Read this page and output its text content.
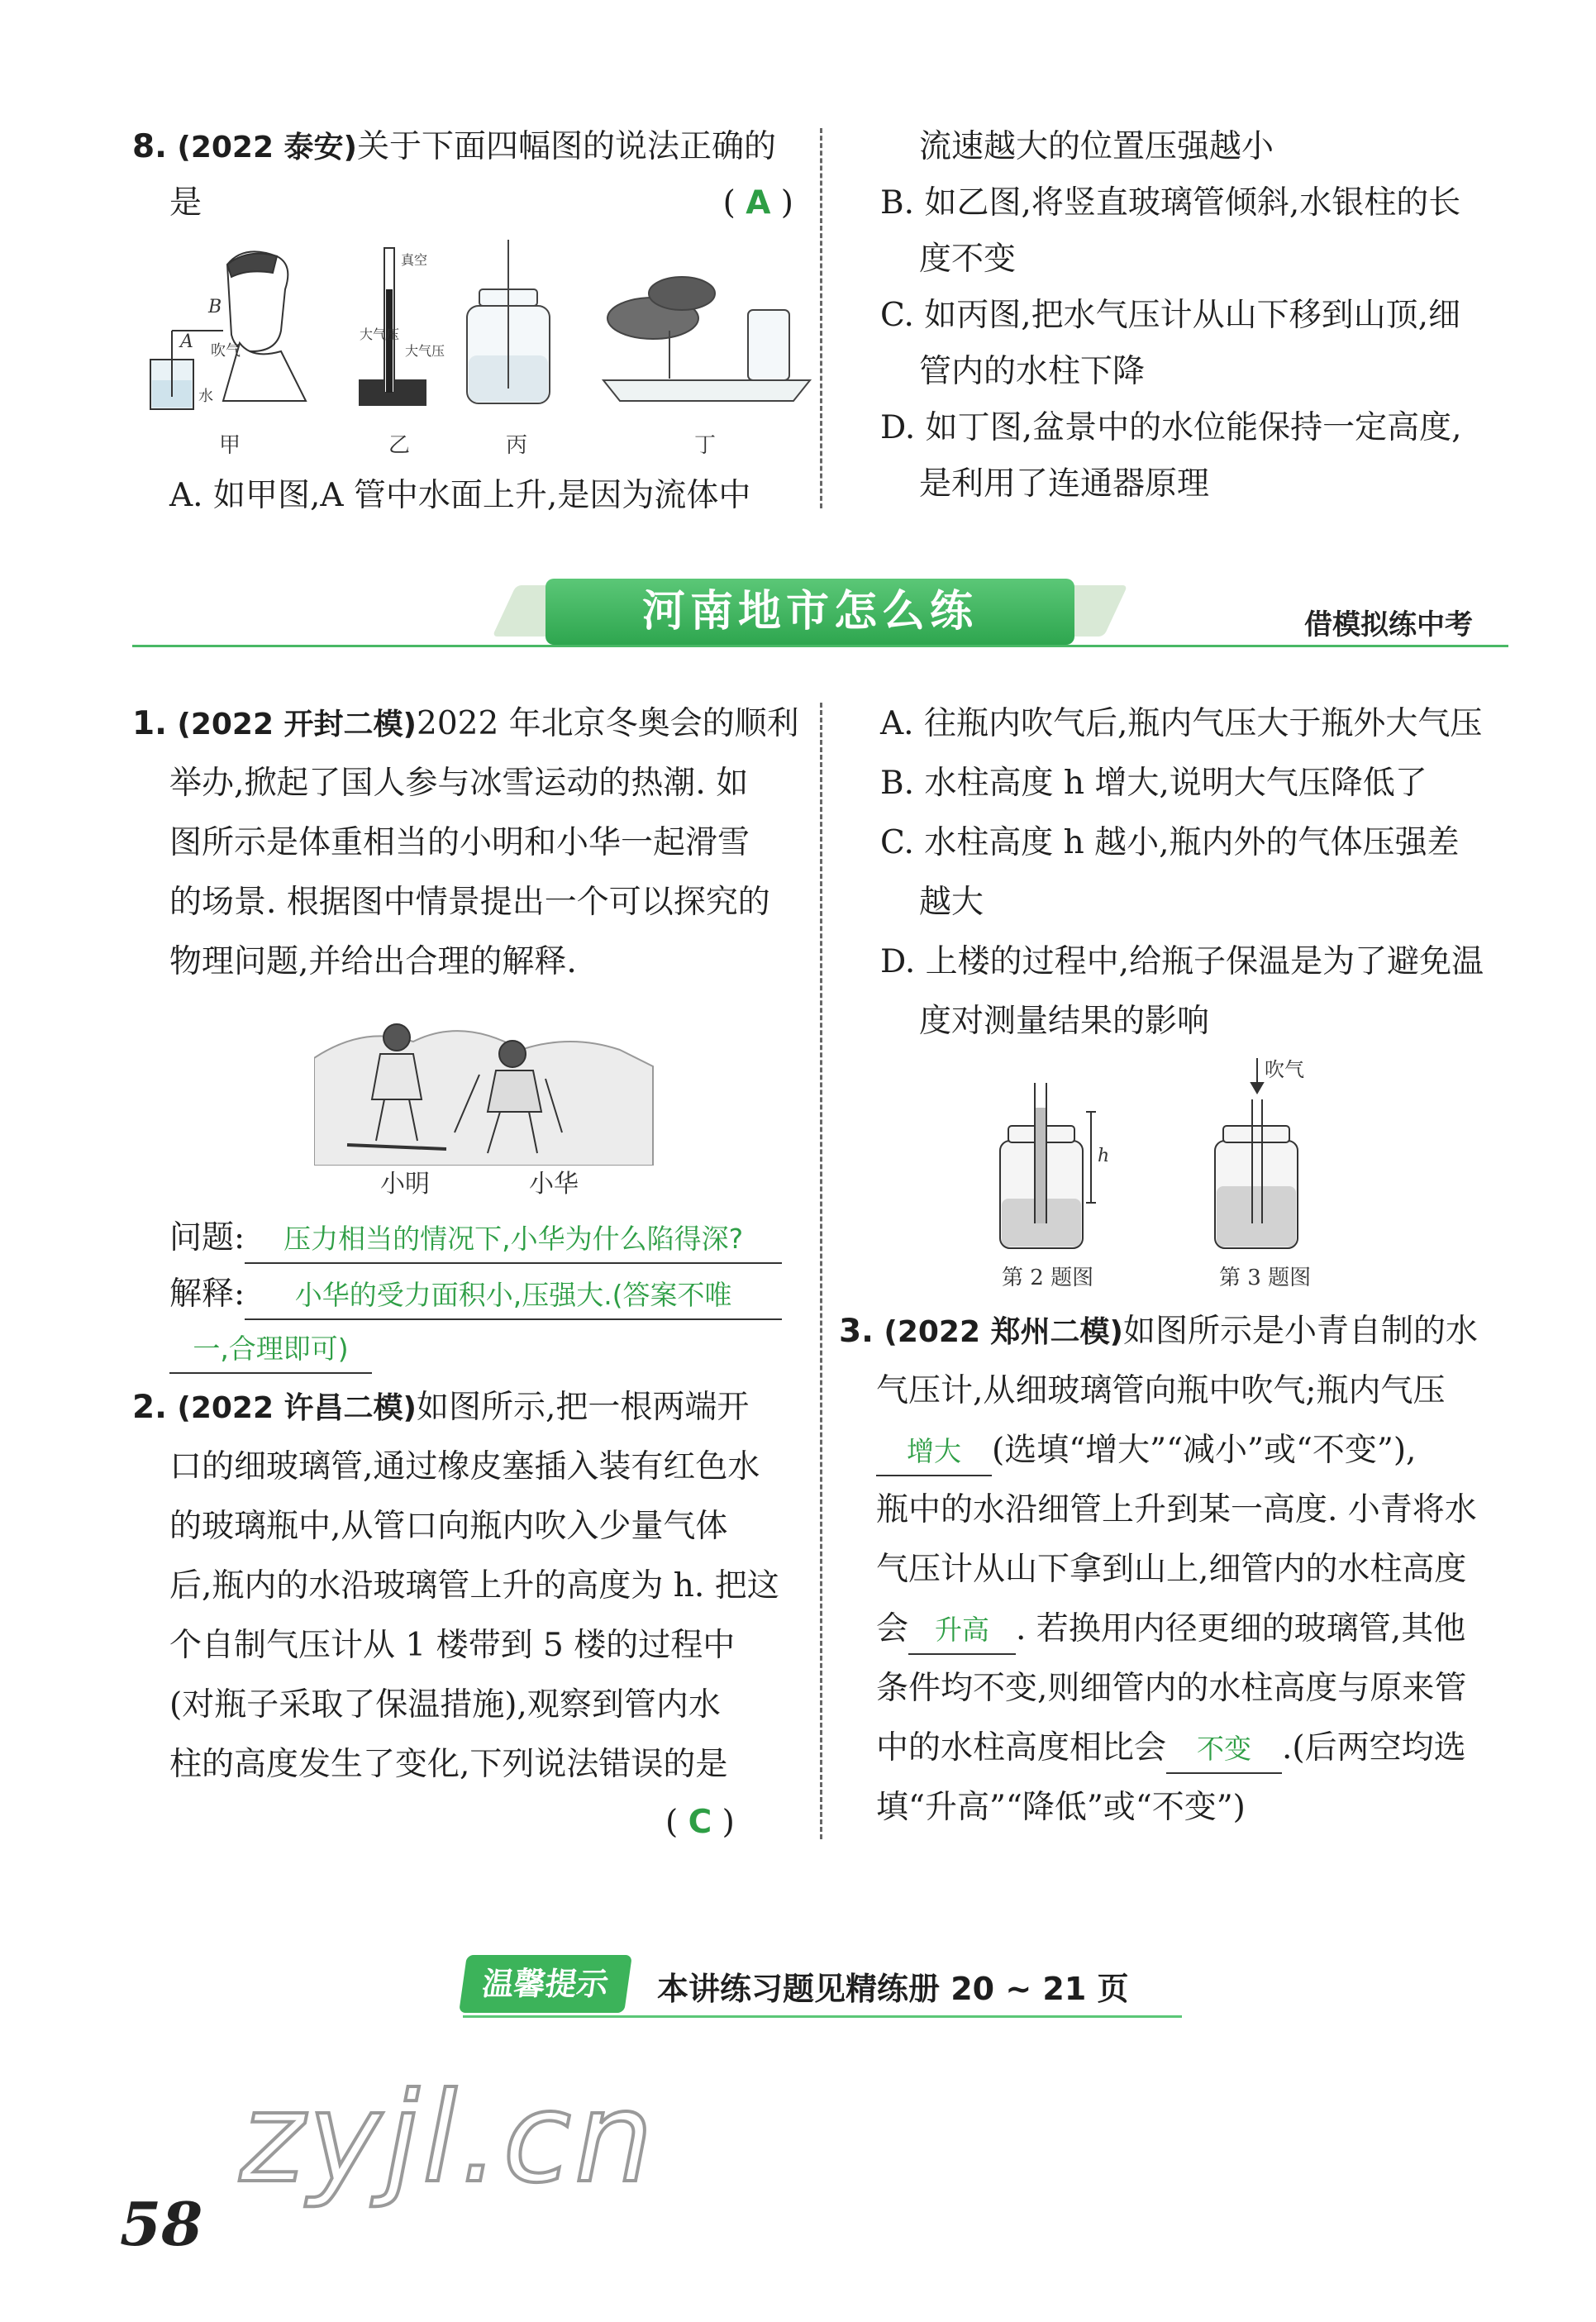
8. (2022 泰安)关于下面四幅图的说法正确的
是	( A )
B
A 吹气
水
真空
大气压
大气压
甲	乙	丙	丁
A. 如甲图,A 管中水面上升,是因为流体中
流速越大的位置压强越小
B. 如乙图,将竖直玻璃管倾斜,水银柱的长
度不变
C. 如丙图,把水气压计从山下移到山顶,细
管内的水柱下降
D. 如丁图,盆景中的水位能保持一定高度,
是利用了连通器原理
河南地市怎么练	借模拟练中考
1. (2022 开封二模)2022 年北京冬奥会的顺利
举办,掀起了国人参与冰雪运动的热潮. 如
图所示是体重相当的小明和小华一起滑雪
的场景. 根据图中情景提出一个可以探究的
物理问题,并给出合理的解释.
小明	小华
问题: 压力相当的情况下,小华为什么陷得深?
解释: 小华的受力面积小,压强大.(答案不唯
一,合理即可)
2. (2022 许昌二模)如图所示,把一根两端开
口的细玻璃管,通过橡皮塞插入装有红色水
的玻璃瓶中,从管口向瓶内吹入少量气体
后,瓶内的水沿玻璃管上升的高度为 h. 把这
个自制气压计从 1 楼带到 5 楼的过程中
(对瓶子采取了保温措施),观察到管内水
柱的高度发生了变化,下列说法错误的是
( C )
A. 往瓶内吹气后,瓶内气压大于瓶外大气压
B. 水柱高度 h 增大,说明大气压降低了
C. 水柱高度 h 越小,瓶内外的气体压强差
越大
D. 上楼的过程中,给瓶子保温是为了避免温
度对测量结果的影响
h
吹气
第 2 题图	第 3 题图
3. (2022 郑州二模)如图所示是小青自制的水
气压计,从细玻璃管向瓶中吹气;瓶内气压
增大 (选填“增大”“减小”或“不变”),
瓶中的水沿细管上升到某一高度. 小青将水
气压计从山下拿到山上,细管内的水柱高度
会 升高 . 若换用内径更细的玻璃管,其他
条件均不变,则细管内的水柱高度与原来管
中的水柱高度相比会 不变 .(后两空均选
填“升高”“降低”或“不变”)
温馨提示	本讲练习题见精练册 20 ~ 21 页
zyjl.cn
58
